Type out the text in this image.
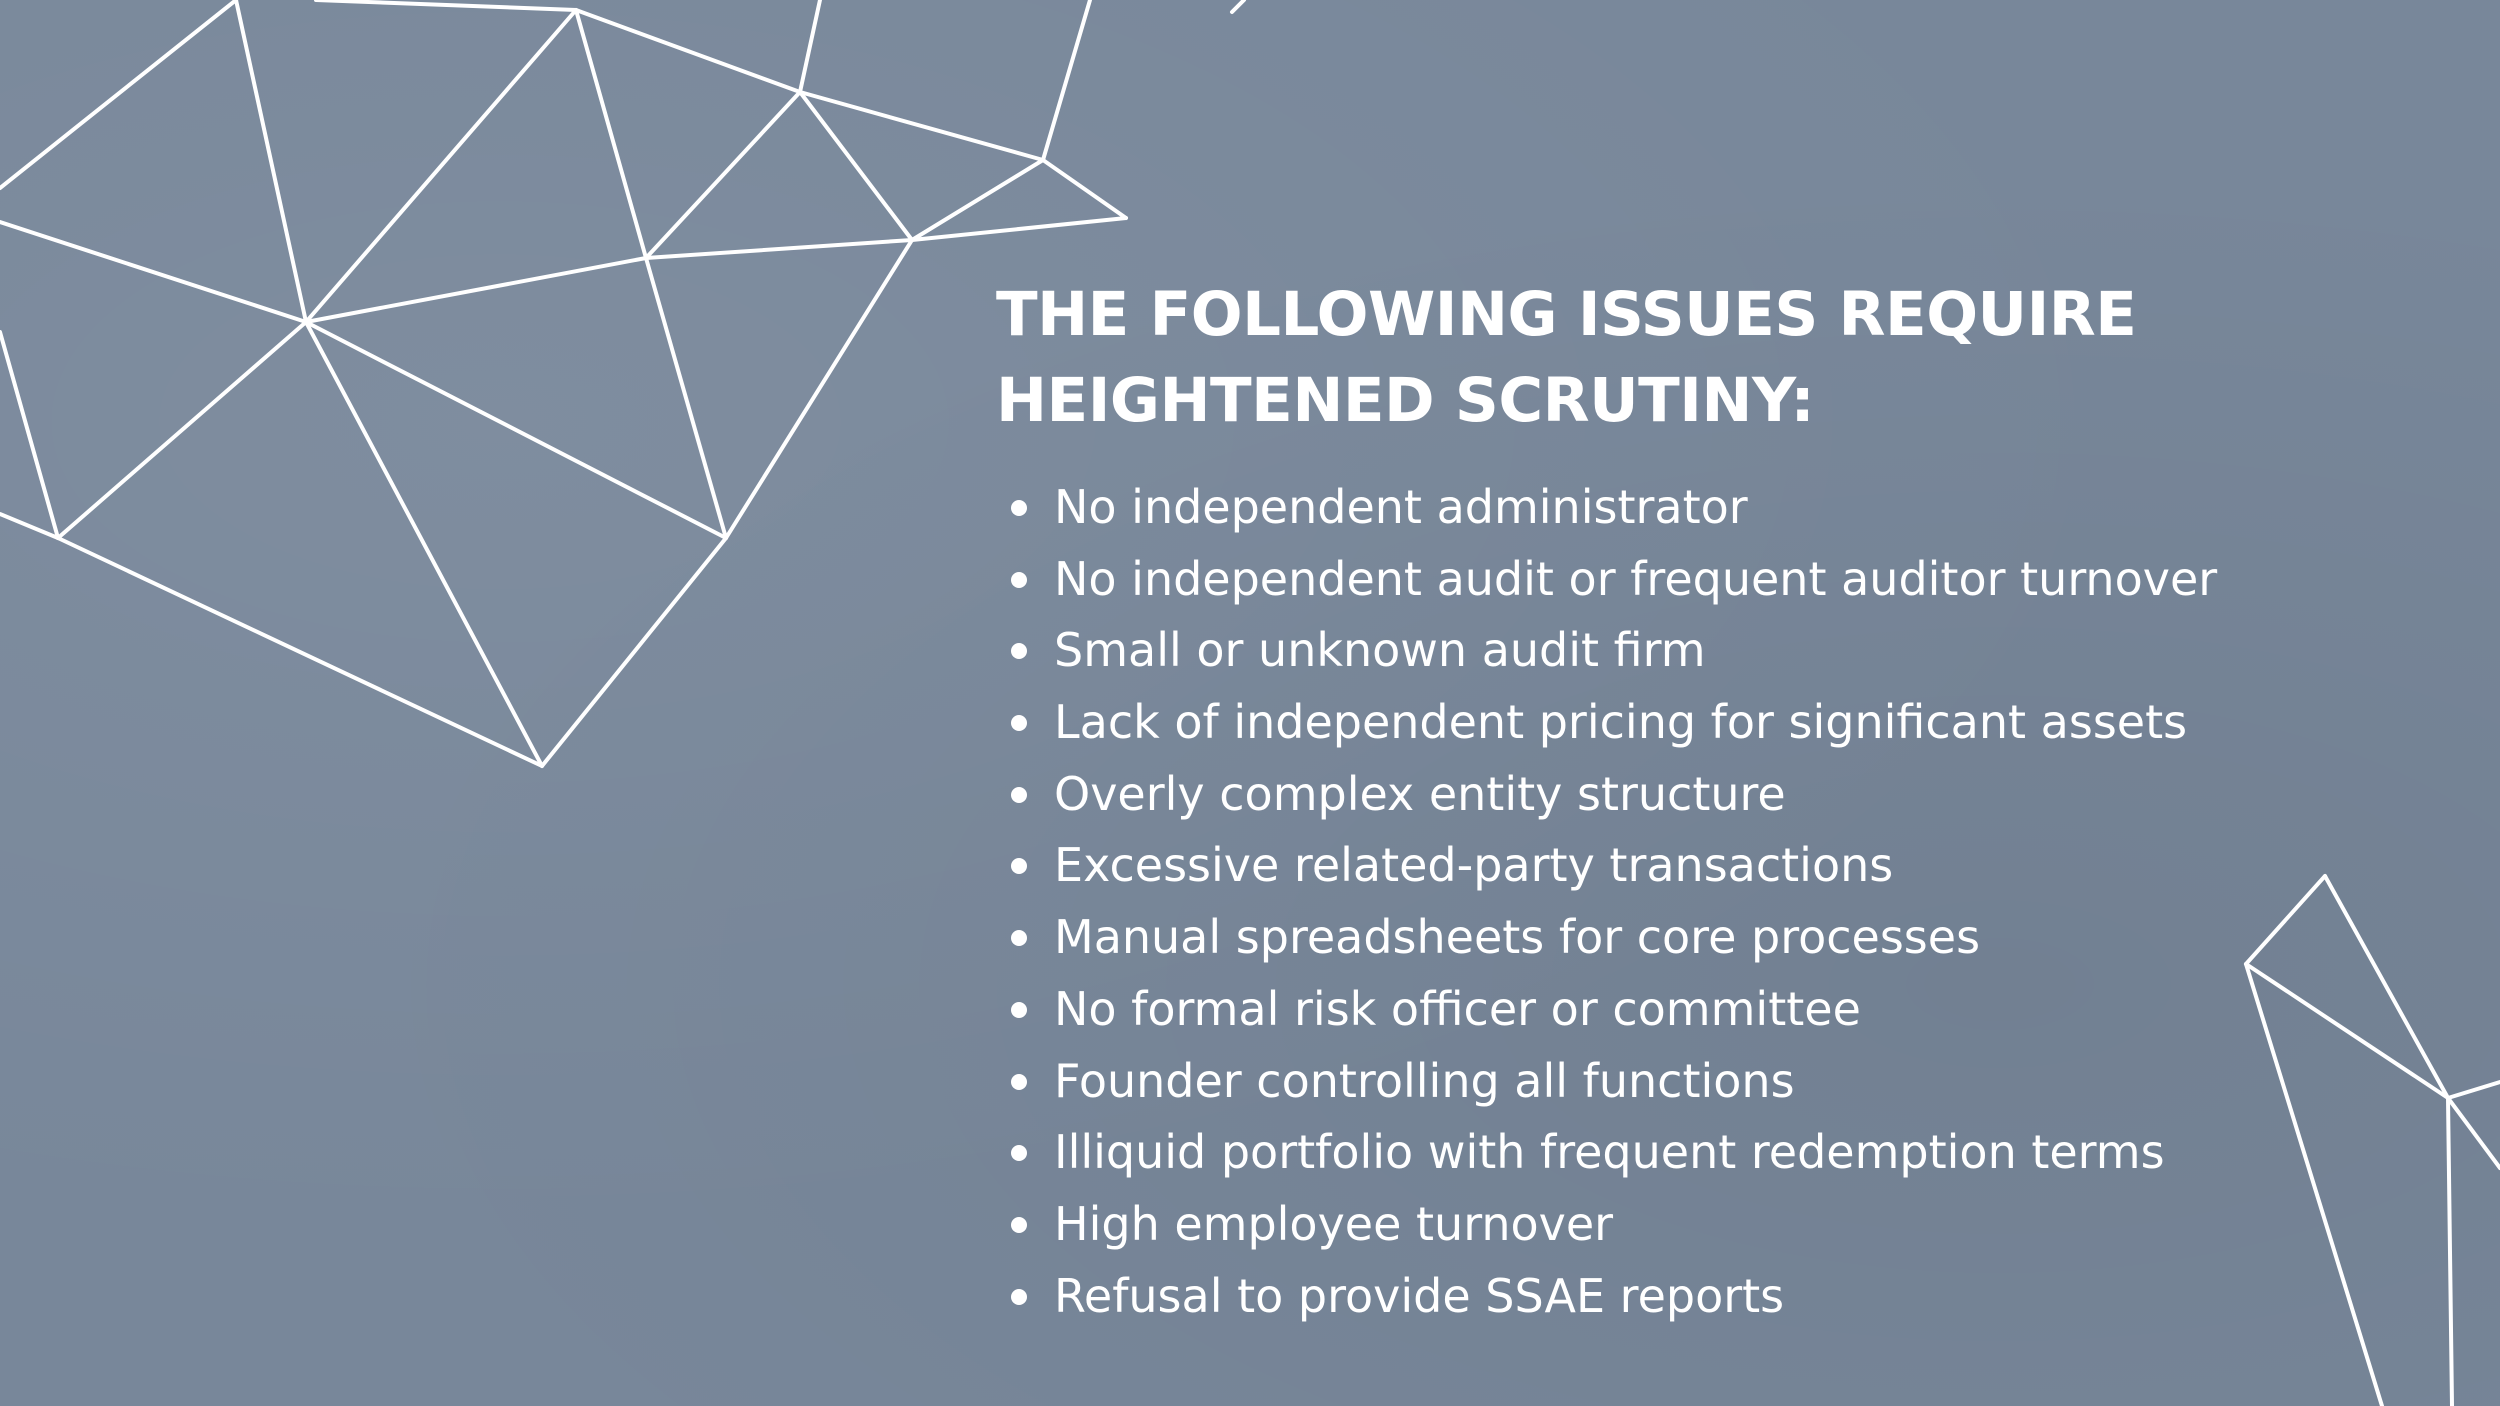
THE FOLLOWING ISSUES REQUIRE
HEIGHTENED SCRUTINY:
No independent administrator
No independent audit or frequent auditor turnover
Small or unknown audit firm
Lack of independent pricing for significant assets
Overly complex entity structure
Excessive related-party transactions
Manual spreadsheets for core processes
No formal risk officer or committee
Founder controlling all functions
Illiquid portfolio with frequent redemption terms
High employee turnover
Refusal to provide SSAE reports
